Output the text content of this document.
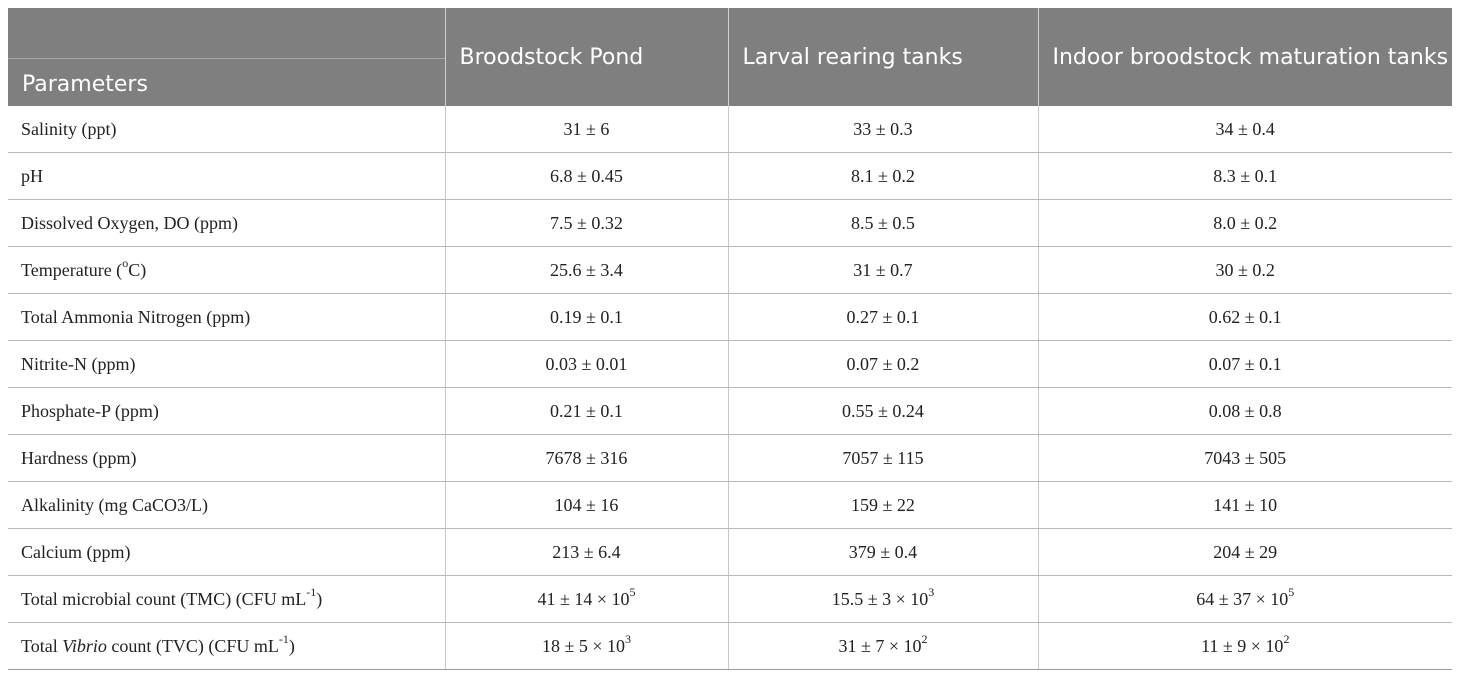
Parameters	Broodstock Pond	Larval rearing tanks	Indoor broodstock maturation tanks

Salinity (ppt)	31 ± 6	33 ± 0.3	34 ± 0.4
pH	6.8 ± 0.45	8.1 ± 0.2	8.3 ± 0.1
Dissolved Oxygen, DO (ppm)	7.5 ± 0.32	8.5 ± 0.5	8.0 ± 0.2
Temperature ($^o$C)	25.6 ± 3.4	31 ± 0.7	30 ± 0.2
Total Ammonia Nitrogen (ppm)	0.19 ± 0.1	0.27 ± 0.1	0.62 ± 0.1
Nitrite-N (ppm)	0.03 ± 0.01	0.07 ± 0.2	0.07 ± 0.1
Phosphate-P (ppm)	0.21 ± 0.1	0.55 ± 0.24	0.08 ± 0.8
Hardness (ppm)	7678 ± 316	7057 ± 115	7043 ± 505
Alkalinity (mg CaCO3/L)	104 ± 16	159 ± 22	141 ± 10
Calcium (ppm)	213 ± 6.4	379 ± 0.4	204 ± 29
Total microbial count (TMC) (CFU $mL^{-1}$)	$41 \pm 14 \times 10^5$	$15.5 \pm 3 \times 10^3$	$64 \pm 37 \times 10^5$
Total Vibrio count (TVC) (CFU $mL^{-1}$)	$18 \pm 5 \times 10^3$	$31 \pm 7 \times 10^2$	$11 \pm 9 \times 10^2$
